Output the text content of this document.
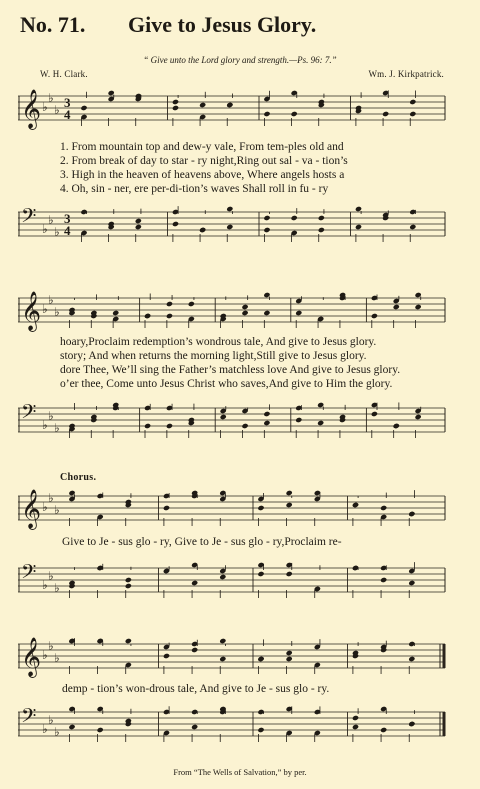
No. 71. Give to Jesus Glory.
“ Give unto the Lord glory and strength.—Ps. 96: 7.”
W. H. Clark.	Wm. J. Kirkpatrick.
𝄞 ♭
♭
♭ 3
4
1. From mountain top and dew-y vale, From tem-ples old and
2. From break of day to star - ry night,Ring out sal - va - tion’s
3. High in the heaven of heavens above, Where angels hosts a
4. Oh, sin - ner, ere per-di-tion’s waves Shall roll in fu - ry
𝄢 ♭
♭
♭
3
4
𝄞 ♭
♭
♭
hoary,Proclaim redemption’s wondrous tale, And give to Jesus glory.
story; And when returns the morning light,Still give to Jesus glory.
dore Thee, We’ll sing the Father’s matchless love And give to Jesus glory.
o’er thee, Come unto Jesus Christ who saves,And give to Him the glory.
𝄢 ♭
♭
♭
Chorus.
𝄞 ♭
♭
♭
Give to Je - sus glo - ry, Give to Je - sus glo - ry,Proclaim re-
𝄢 ♭
♭
♭
𝄞 ♭
♭
♭
demp - tion’s won-drous tale, And give to Je - sus glo - ry.
𝄢 ♭
♭
♭
From “The Wells of Salvation,” by per.
